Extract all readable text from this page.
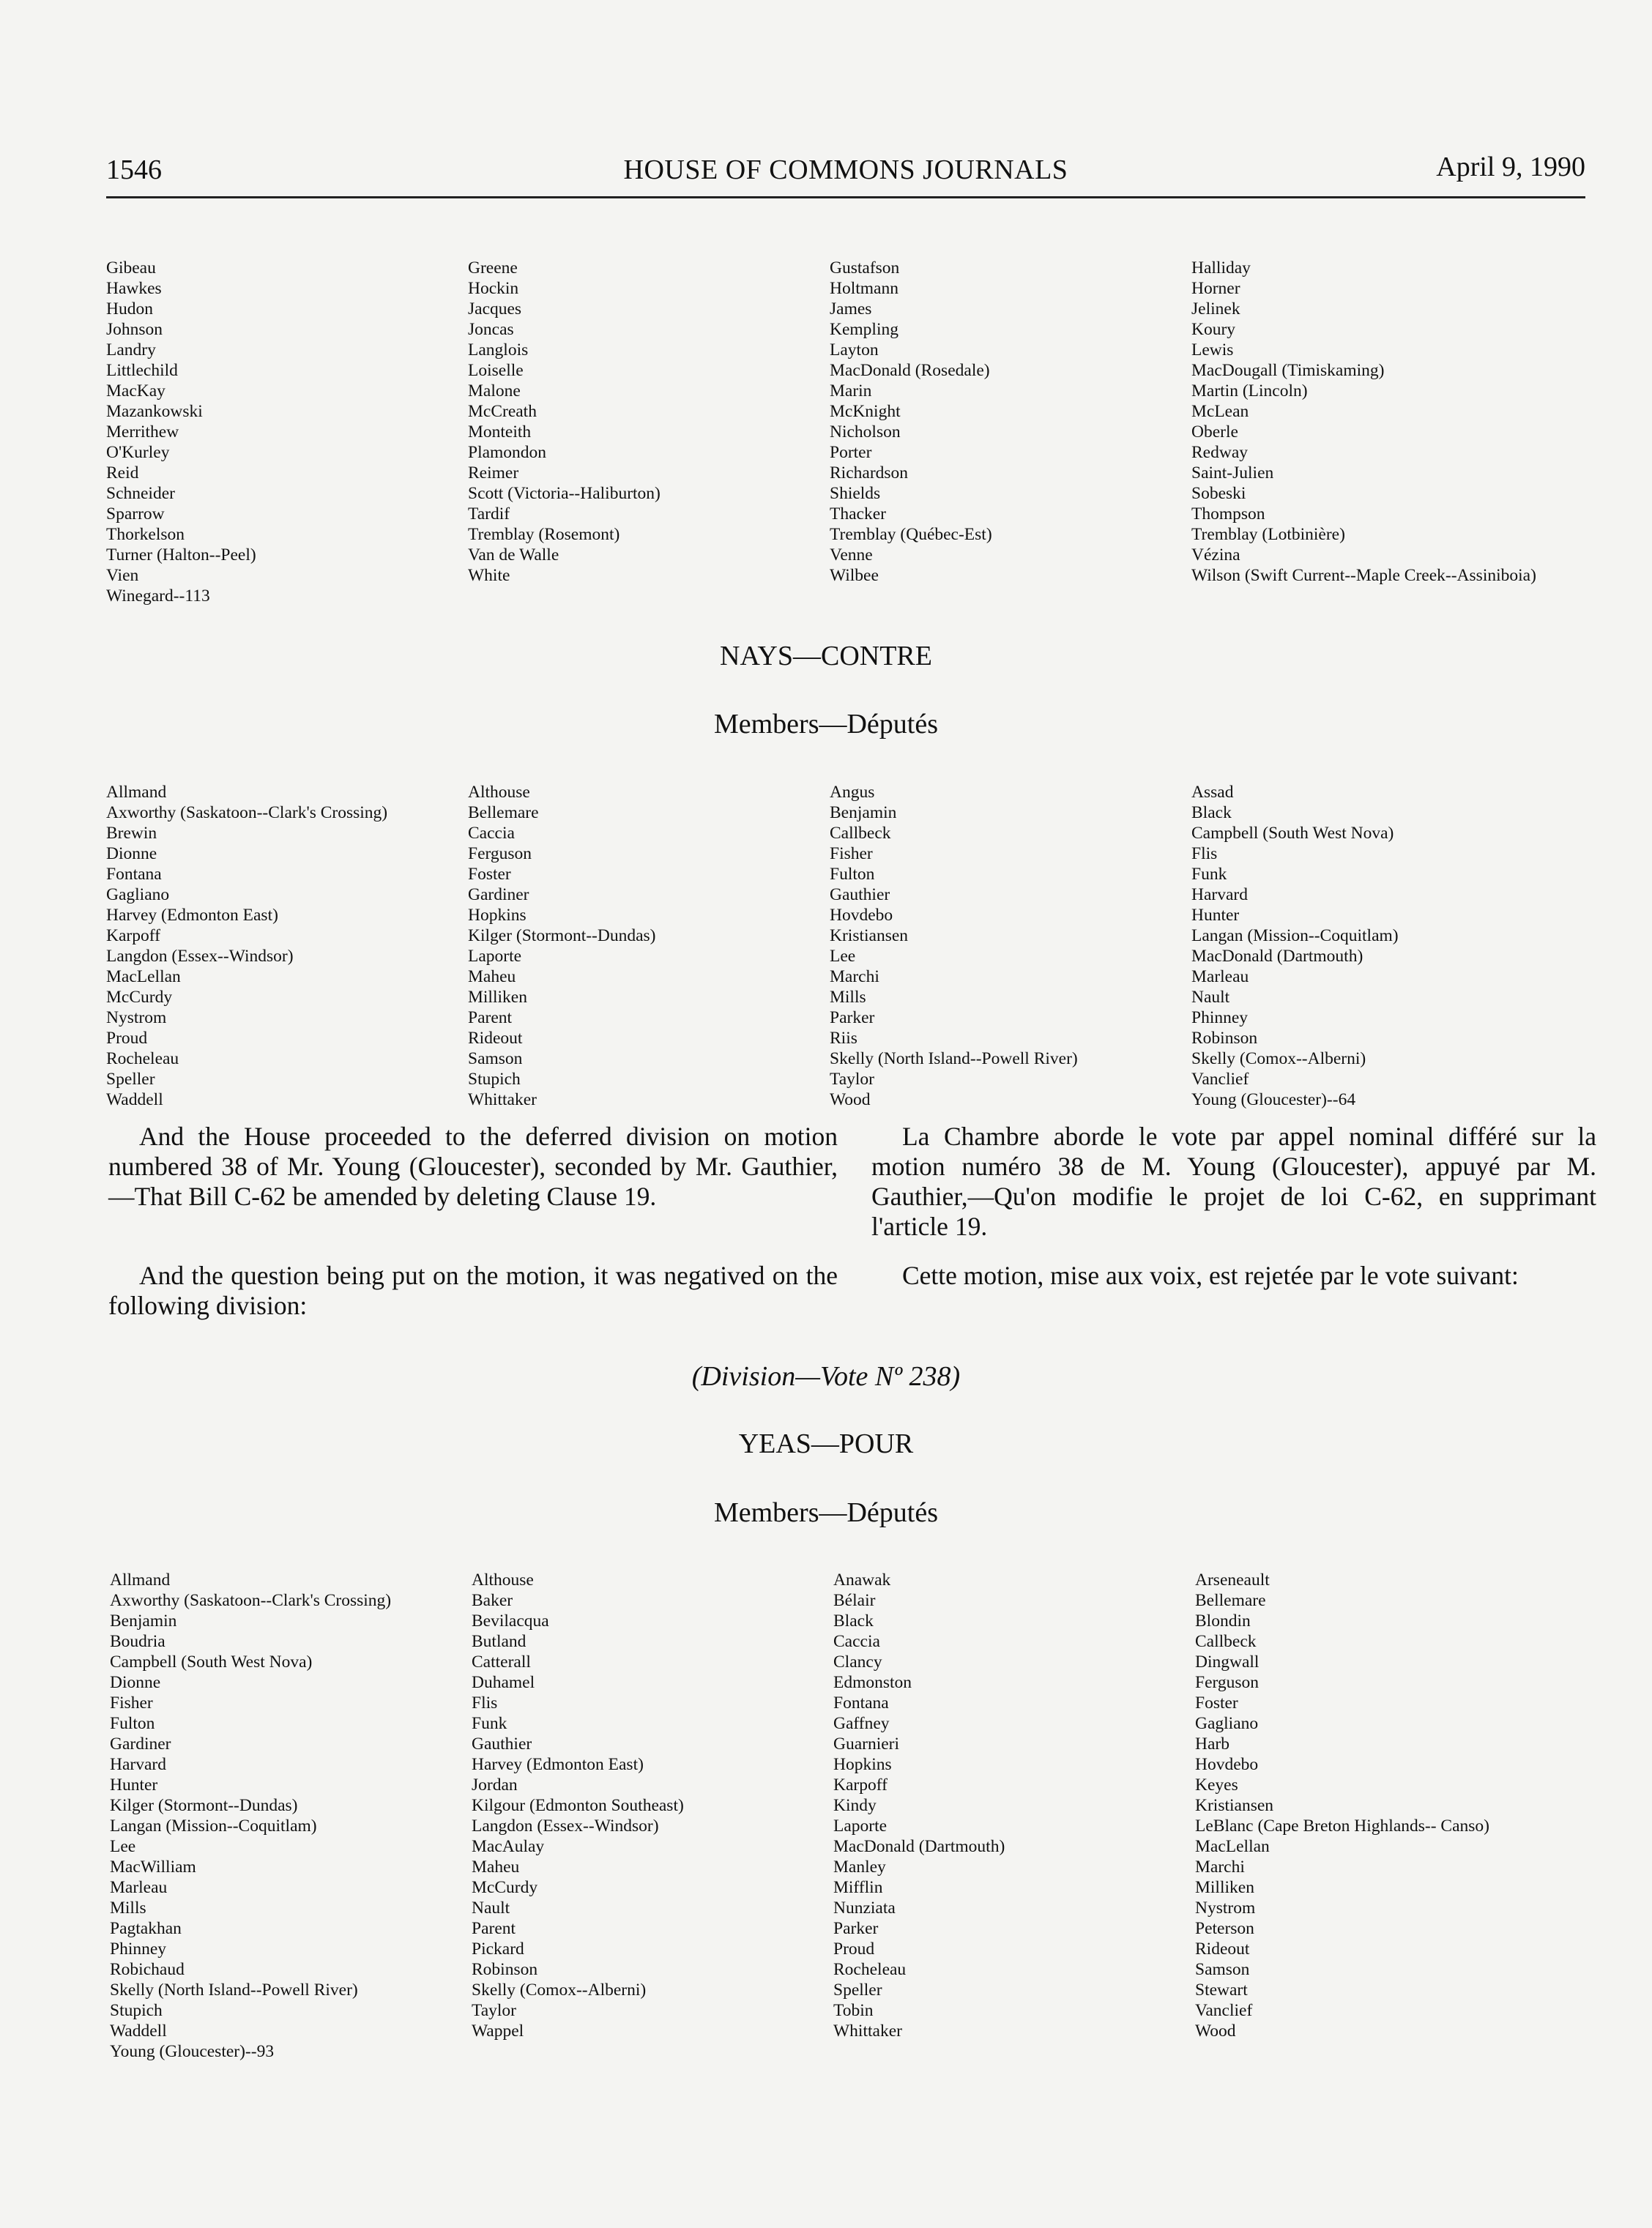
1546	HOUSE OF COMMONS JOURNALS	April 9, 1990
Gibeau
Hawkes
Hudon
Johnson
Landry
Littlechild
MacKay
Mazankowski
Merrithew
O'Kurley
Reid
Schneider
Sparrow
Thorkelson
Turner (Halton--Peel)
Vien
Winegard--113
Greene
Hockin
Jacques
Joncas
Langlois
Loiselle
Malone
McCreath
Monteith
Plamondon
Reimer
Scott (Victoria--Haliburton)
Tardif
Tremblay (Rosemont)
Van de Walle
White
Gustafson
Holtmann
James
Kempling
Layton
MacDonald (Rosedale)
Marin
McKnight
Nicholson
Porter
Richardson
Shields
Thacker
Tremblay (Québec-Est)
Venne
Wilbee
Halliday
Horner
Jelinek
Koury
Lewis
MacDougall (Timiskaming)
Martin (Lincoln)
McLean
Oberle
Redway
Saint-Julien
Sobeski
Thompson
Tremblay (Lotbinière)
Vézina
Wilson (Swift Current--Maple Creek--Assiniboia)
NAYS—CONTRE
Members—Députés
Allmand
Axworthy (Saskatoon--Clark's Crossing)
Brewin
Dionne
Fontana
Gagliano
Harvey (Edmonton East)
Karpoff
Langdon (Essex--Windsor)
MacLellan
McCurdy
Nystrom
Proud
Rocheleau
Speller
Waddell
Althouse
Bellemare
Caccia
Ferguson
Foster
Gardiner
Hopkins
Kilger (Stormont--Dundas)
Laporte
Maheu
Milliken
Parent
Rideout
Samson
Stupich
Whittaker
Angus
Benjamin
Callbeck
Fisher
Fulton
Gauthier
Hovdebo
Kristiansen
Lee
Marchi
Mills
Parker
Riis
Skelly (North Island--Powell River)
Taylor
Wood
Assad
Black
Campbell (South West Nova)
Flis
Funk
Harvard
Hunter
Langan (Mission--Coquitlam)
MacDonald (Dartmouth)
Marleau
Nault
Phinney
Robinson
Skelly (Comox--Alberni)
Vanclief
Young (Gloucester)--64
And the House proceeded to the deferred division on motion numbered 38 of Mr. Young (Gloucester), seconded by Mr. Gauthier,—That Bill C-62 be amended by deleting Clause 19.
La Chambre aborde le vote par appel nominal différé sur la motion numéro 38 de M. Young (Gloucester), appuyé par M. Gauthier,—Qu'on modifie le projet de loi C-62, en supprimant l'article 19.
And the question being put on the motion, it was negatived on the following division:
Cette motion, mise aux voix, est rejetée par le vote suivant:
(Division—Vote Nº 238)
YEAS—POUR
Members—Députés
Allmand
Axworthy (Saskatoon--Clark's Crossing)
Benjamin
Boudria
Campbell (South West Nova)
Dionne
Fisher
Fulton
Gardiner
Harvard
Hunter
Kilger (Stormont--Dundas)
Langan (Mission--Coquitlam)
Lee
MacWilliam
Marleau
Mills
Pagtakhan
Phinney
Robichaud
Skelly (North Island--Powell River)
Stupich
Waddell
Young (Gloucester)--93
Althouse
Baker
Bevilacqua
Butland
Catterall
Duhamel
Flis
Funk
Gauthier
Harvey (Edmonton East)
Jordan
Kilgour (Edmonton Southeast)
Langdon (Essex--Windsor)
MacAulay
Maheu
McCurdy
Nault
Parent
Pickard
Robinson
Skelly (Comox--Alberni)
Taylor
Wappel
Anawak
Bélair
Black
Caccia
Clancy
Edmonston
Fontana
Gaffney
Guarnieri
Hopkins
Karpoff
Kindy
Laporte
MacDonald (Dartmouth)
Manley
Mifflin
Nunziata
Parker
Proud
Rocheleau
Speller
Tobin
Whittaker
Arseneault
Bellemare
Blondin
Callbeck
Dingwall
Ferguson
Foster
Gagliano
Harb
Hovdebo
Keyes
Kristiansen
LeBlanc (Cape Breton Highlands-- Canso)
MacLellan
Marchi
Milliken
Nystrom
Peterson
Rideout
Samson
Stewart
Vanclief
Wood
